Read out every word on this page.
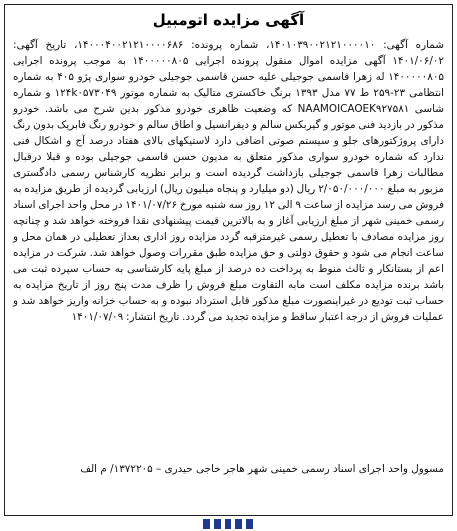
آگهی مزایده اتومبیل
شماره آگهی: ۱۴۰۱۰۳۹۰۰۲۱۲۱۰۰۰۰۱۰، شماره پرونده: ۱۴۰۰۰۴۰۰۲۱۲۱۰۰۰۰۶۸۶، تاریخ آگهی: ۱۴۰۱/۰۶/۰۲ آگهی مزایده اموال منقول پرونده اجرایی ۱۴۰۰۰۰۰۸۰۵ به موجب پرونده اجرایی ۱۴۰۰۰۰۰۸۰۵ له زهرا قاسمی جوجیلی علیه حسن قاسمی جوجیلی خودرو سواری پژو ۴۰۵ به شماره انتظامی ۲۳-۲۵۹ ط ۷۷ مدل ۱۳۹۳ برنگ خاکستری متالیک به شماره موتور ۱۲۴k۰۵۷۳۰۴۹ و شماره شاسی NAAMOICAOEK۹۲۷۵۸۱ که وضعیت ظاهری خودرو مذکور بدین شرح می باشد. خودرو مذکور در بازدید فنی موتور و گیربکس سالم و دیفرانسیل و اطاق سالم و خودرو رنگ فابریک بدون رنگ دارای پروژکتورهای جلو و سیستم صوتی اضافی دارد لاستیکهای بالای هفتاد درصد آج و اشکال فنی ندارد که شماره خودرو سواری مذکور متعلق به مدیون حسن قاسمی جوجیلی بوده و قبلا درقبال مطالبات زهرا قاسمی جوجیلی بازداشت گردیده است و برابر نظریه کارشناس رسمی دادگستری مزبور به مبلغ ۲/۰۵۰/۰۰۰/۰۰۰ ریال (دو میلیارد و پنجاه میلیون ریال) ارزیابی گردیده از طریق مزایده به فروش می رسد مزایده از ساعت ۹ الی ۱۲ روز سه شنبه مورخ ۱۴۰۱/۰۷/۲۶ در محل واحد اجرای اسناد رسمی خمینی شهر از مبلغ ارزیابی آغاز و به بالاترین قیمت پیشنهادی نقدا فروخته خواهد شد و چنانچه روز مزایده مصادف با تعطیل رسمی غیرمترقبه گردد مزایده روز اداری بعداز تعطیلی در همان محل و ساعت انجام می شود و حقوق دولتی و حق مزایده طبق مقررات وصول خواهد شد. شرکت در مزایده اعم از بستانکار و ثالث منوط به پرداخت ده درصد از مبلغ پایه کارشناسی به حساب سپرده ثبت می باشد برنده مزایده مکلف است مابه التفاوت مبلغ فروش را ظرف مدت پنج روز از تاریخ مزایده به حساب ثبت تودیع در غیراینصورت مبلغ مذکور قابل استرداد نبوده و به حساب خزانه واریز خواهد شد و عملیات فروش از درجه اعتبار ساقط و مزایده تجدید می گردد. تاریخ انتشار: ۱۴۰۱/۰۷/۰۹
مسوول واحد اجرای اسناد رسمی خمینی شهر هاجر حاجی حیدری – ۱۳۷۲۲۰۵/ م الف
